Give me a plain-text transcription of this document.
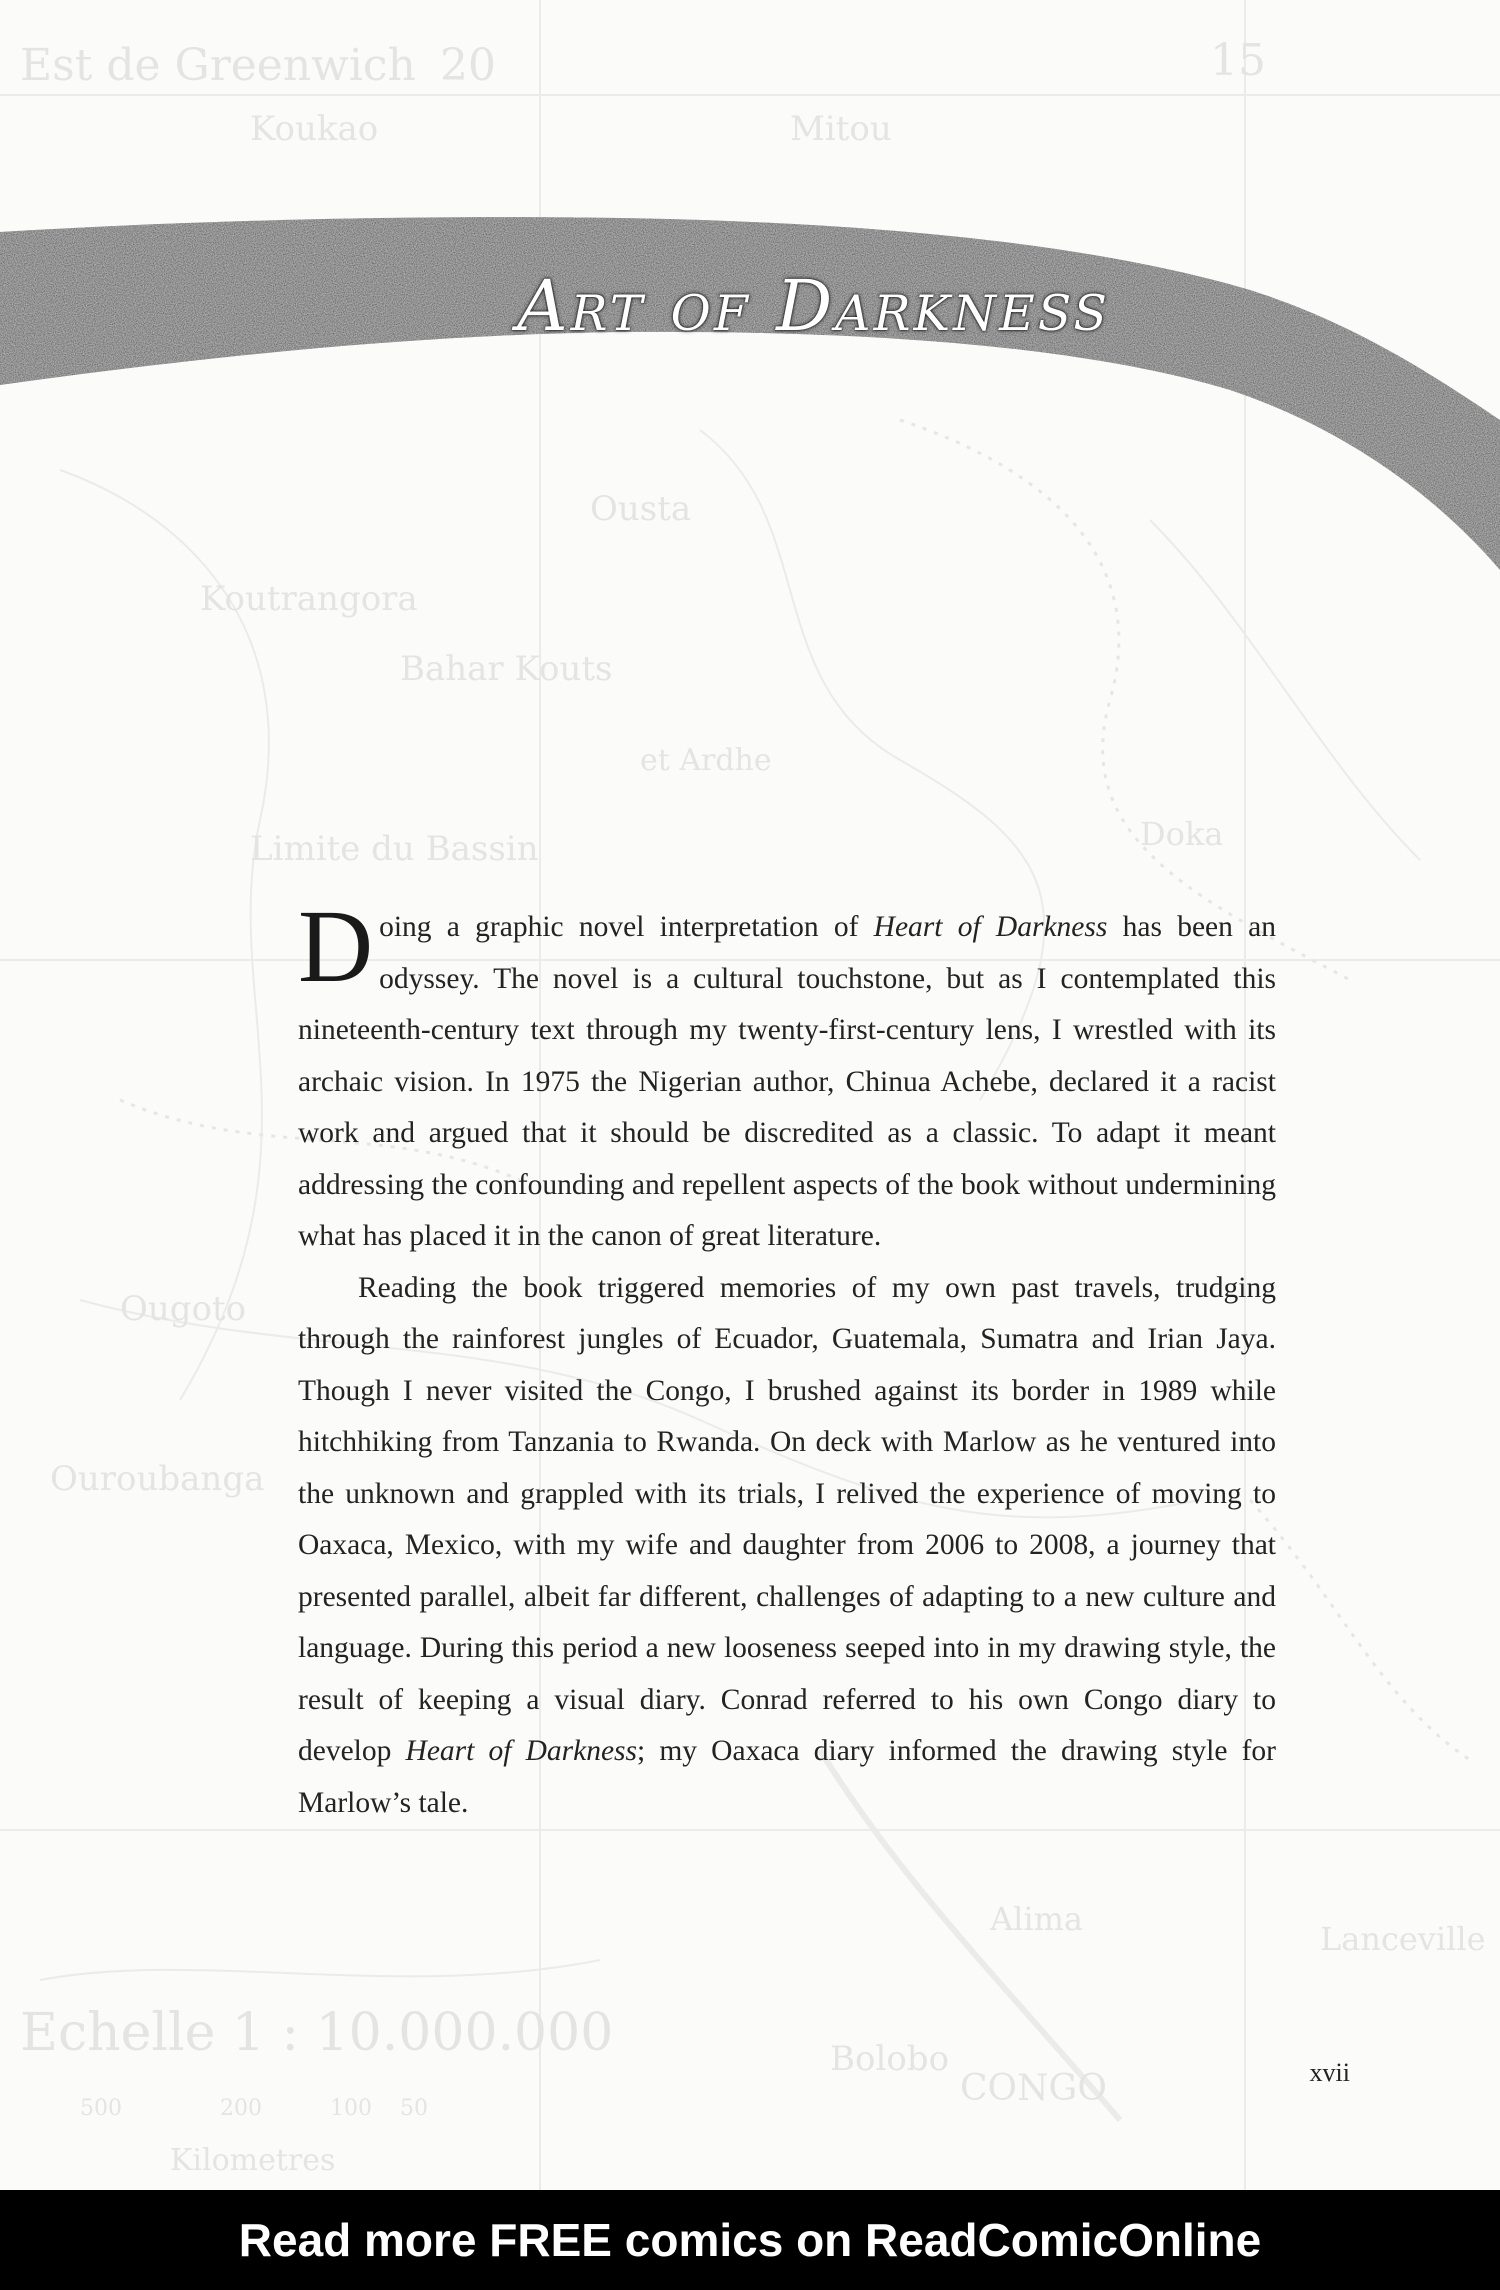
Est de Greenwich 20	15
Koukao	Mitou
Ousta
Koutrangora
Bahar Kouts
Limite du Bassin
et Ardhe
Doka
Ougoto
Ouroubanga
Lanceville
Echelle 1 : 10.000.000	Bolobo
CONGO
Alima
Kilometres
500	200	100 50
Art of Darkness

Doing a graphic novel interpretation of Heart of Darkness has been an odyssey. The novel is a cultural touchstone, but as I contemplated this nineteenth-century text through my twenty-first-century lens, I wrestled with its archaic vision. In 1975 the Nigerian author, Chinua Achebe, declared it a racist work and argued that it should be discredited as a classic. To adapt it meant addressing the confounding and repellent aspects of the book without undermining what has placed it in the canon of great literature.

Reading the book triggered memories of my own past travels, trudging through the rainforest jungles of Ecuador, Guatemala, Sumatra and Irian Jaya. Though I never visited the Congo, I brushed against its border in 1989 while hitchhiking from Tanzania to Rwanda. On deck with Marlow as he ventured into the unknown and grappled with its trials, I relived the experience of moving to Oaxaca, Mexico, with my wife and daughter from 2006 to 2008, a journey that presented parallel, albeit far different, challenges of adapting to a new culture and language. During this period a new looseness seeped into in my drawing style, the result of keeping a visual diary. Conrad referred to his own Congo diary to develop Heart of Darkness; my Oaxaca diary informed the drawing style for Marlow’s tale.

xvii
Read more FREE comics on ReadComicOnline
